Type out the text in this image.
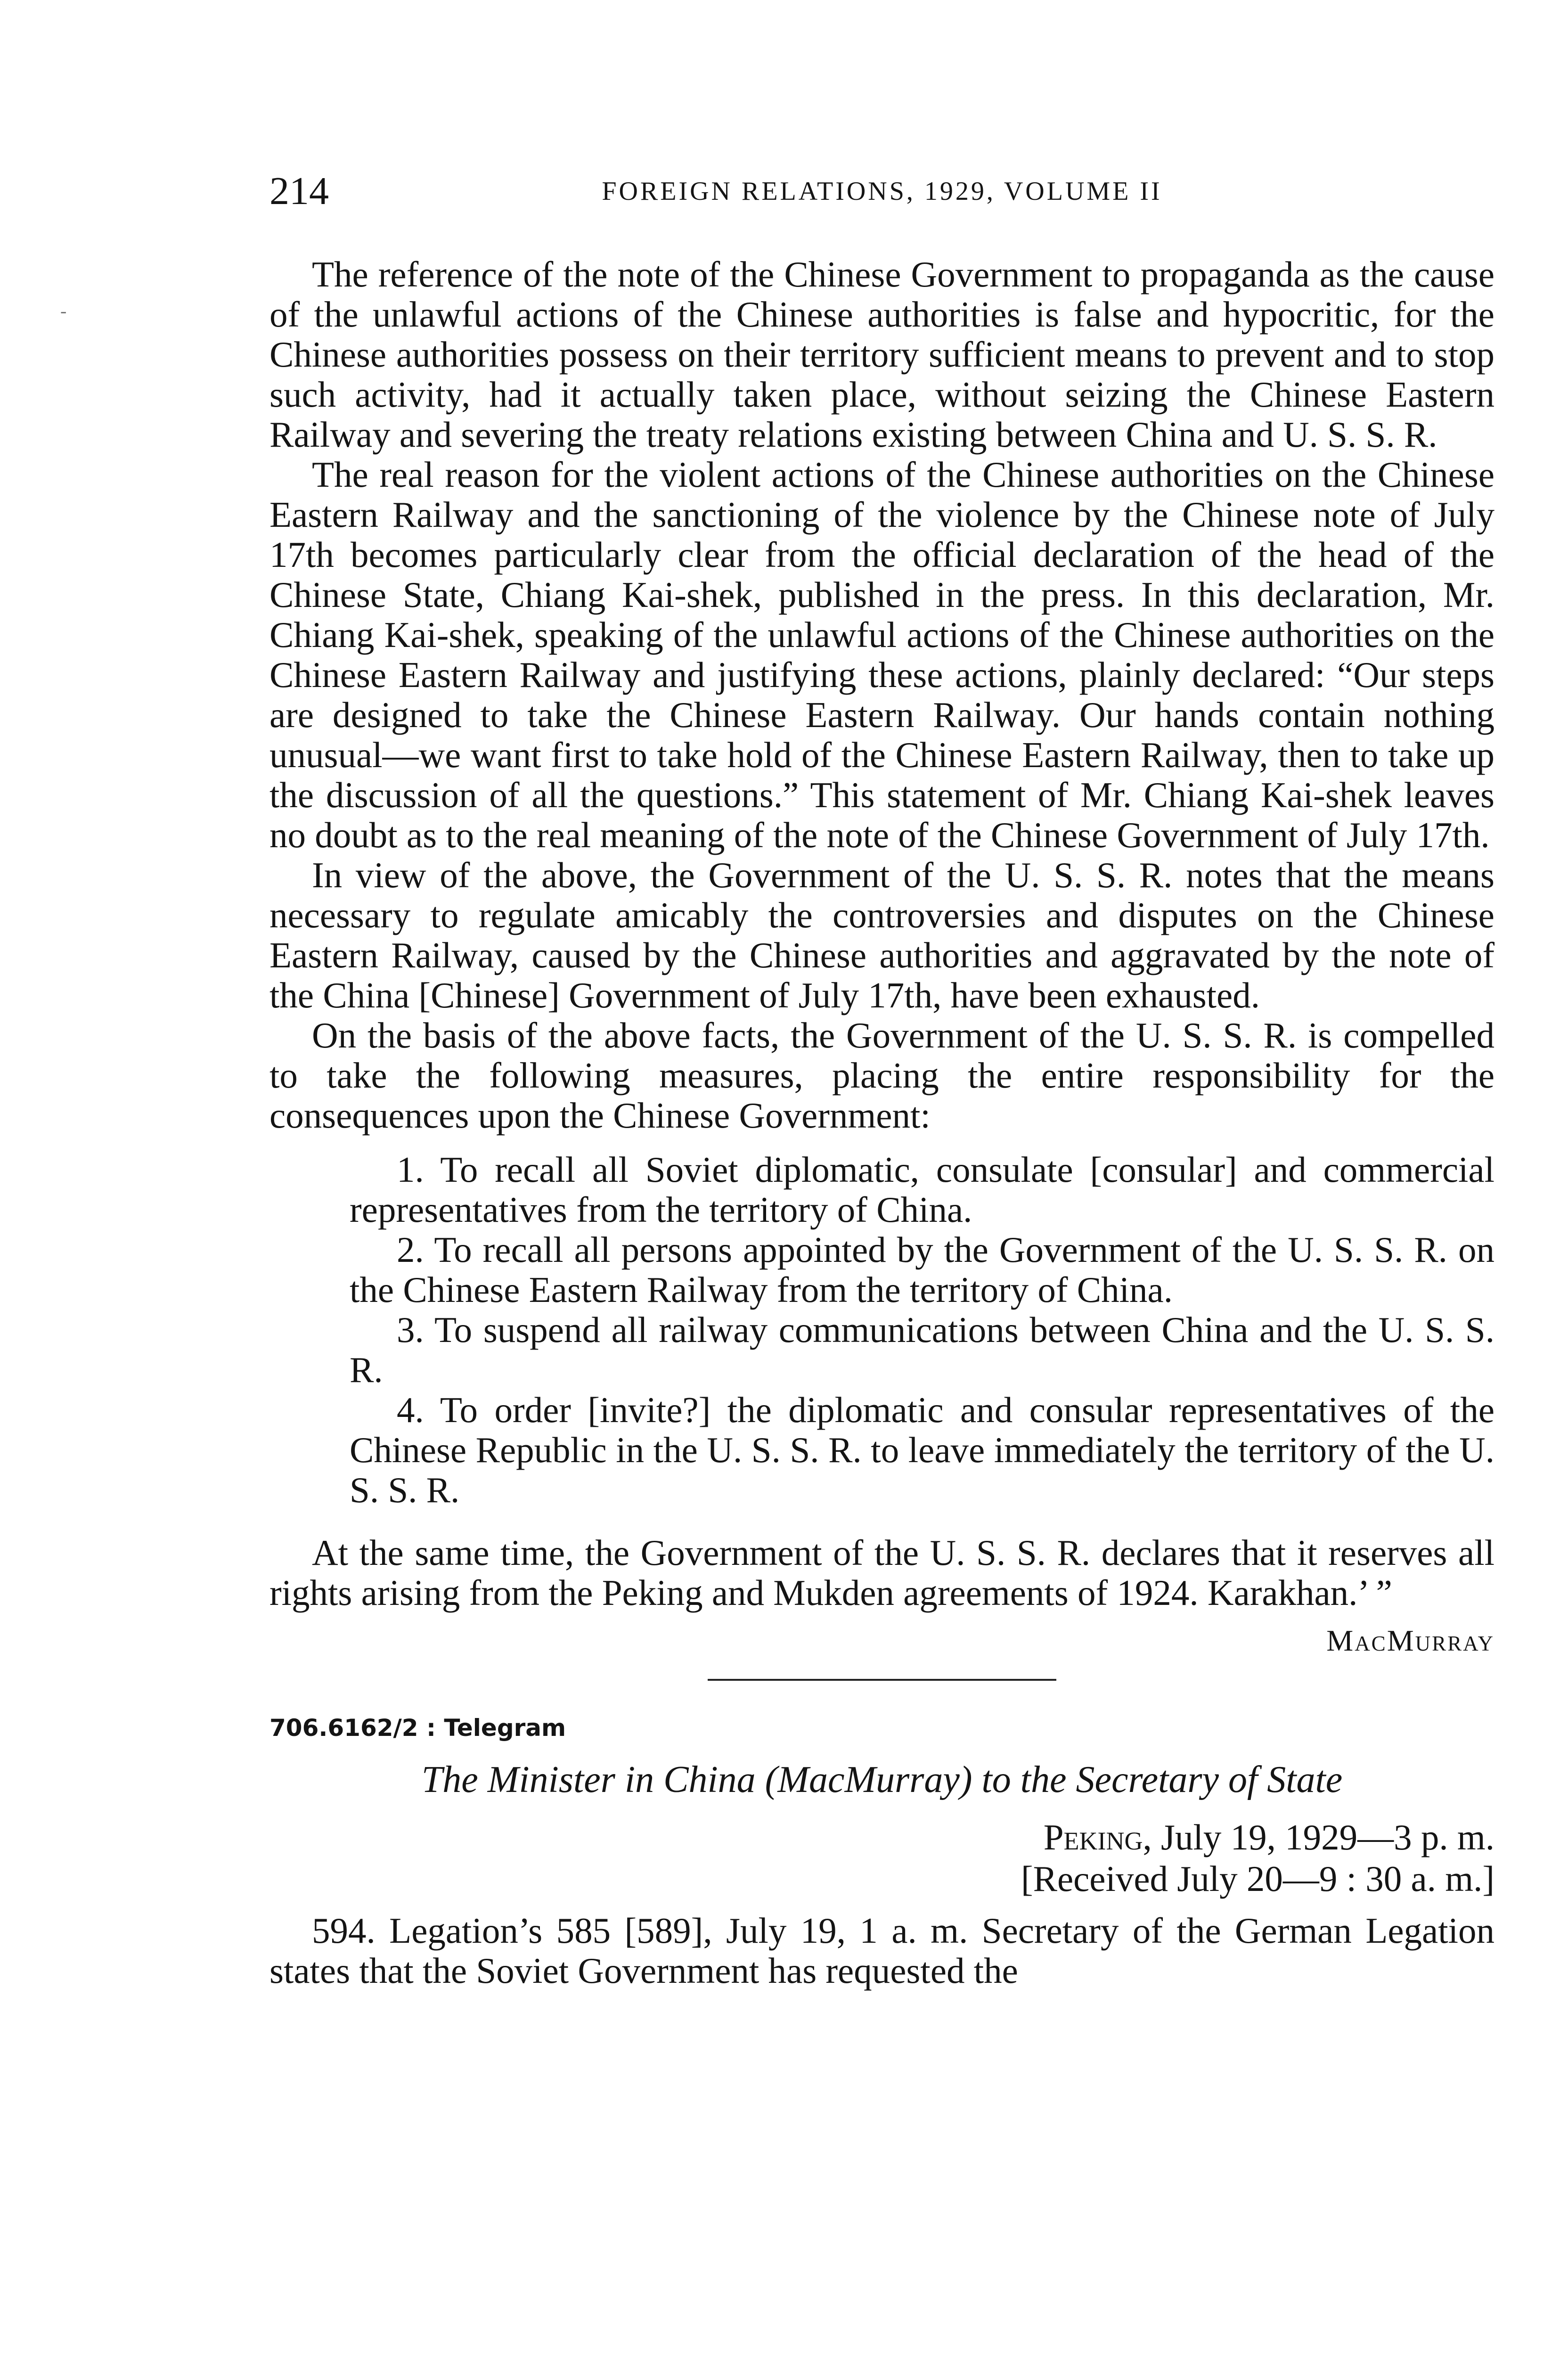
214	FOREIGN RELATIONS, 1929, VOLUME II
-

The reference of the note of the Chinese Government to propaganda as the cause of the unlawful actions of the Chinese authorities is false and hypocritic, for the Chinese authorities possess on their territory sufficient means to prevent and to stop such activity, had it actually taken place, without seizing the Chinese Eastern Railway and severing the treaty relations existing between China and U. S. S. R.

The real reason for the violent actions of the Chinese authorities on the Chinese Eastern Railway and the sanctioning of the violence by the Chinese note of July 17th becomes particularly clear from the official declaration of the head of the Chinese State, Chiang Kai-shek, published in the press. In this declaration, Mr. Chiang Kai-shek, speaking of the unlawful actions of the Chinese authorities on the Chinese Eastern Railway and justifying these actions, plainly declared: “Our steps are designed to take the Chinese Eastern Railway. Our hands contain nothing unusual—we want first to take hold of the Chinese Eastern Railway, then to take up the discussion of all the questions.” This statement of Mr. Chiang Kai-shek leaves no doubt as to the real meaning of the note of the Chinese Government of July 17th.

In view of the above, the Government of the U. S. S. R. notes that the means necessary to regulate amicably the controversies and disputes on the Chinese Eastern Railway, caused by the Chinese authorities and aggravated by the note of the China [Chinese] Government of July 17th, have been exhausted.

On the basis of the above facts, the Government of the U. S. S. R. is compelled to take the following measures, placing the entire responsibility for the consequences upon the Chinese Government:

1. To recall all Soviet diplomatic, consulate [consular] and commercial representatives from the territory of China.

2. To recall all persons appointed by the Government of the U. S. S. R. on the Chinese Eastern Railway from the territory of China.

3. To suspend all railway communications between China and the U. S. S. R.

4. To order [invite?] the diplomatic and consular representatives of the Chinese Republic in the U. S. S. R. to leave immediately the territory of the U. S. S. R.

At the same time, the Government of the U. S. S. R. declares that it reserves all rights arising from the Peking and Mukden agreements of 1924. Karakhan.’ ”

MacMurray
706.6162/2 : Telegram
The Minister in China (MacMurray) to the Secretary of State
Peking, July 19, 1929—3 p. m.
[Received July 20—9 : 30 a. m.]

594. Legation’s 585 [589], July 19, 1 a. m. Secretary of the German Legation states that the Soviet Government has requested the
